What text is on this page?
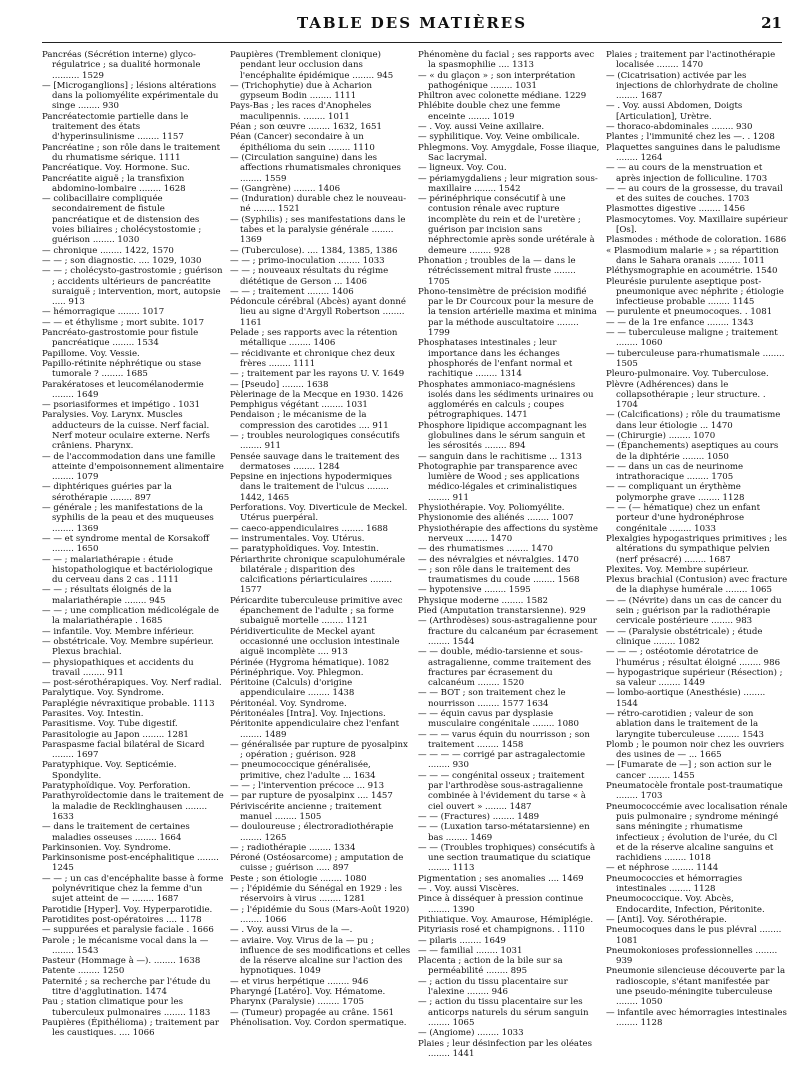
TABLE DES MATIÈRES	21

Pancréas (Sécrétion interne) glyco-régulatrice ; sa dualité hormonale .......... 1529

— [Microganglions] ; lésions altérations dans la poliomyélite expérimentale du singe ........ 930

Pancréatectomie partielle dans le traitement des états d'hyperinsulinisme ........ 1157

Pancréatine ; son rôle dans le traitement du rhumatisme sérique. 1111

Pancréatique. Voy. Hormone. Suc.

Pancréatite aiguë ; la transfixion abdomino-lombaire ........ 1628

— colibacillaire compliquée secondairement de fistule pancréatique et de distension des voies biliaires ; cholécystostomie ; guérison ........ 1030

— chronique ........ 1422, 1570

— — ; son diagnostic. .... 1029, 1030

— — ; cholécysto-gastrostomie ; guérison ; accidents ultérieurs de pancréatite suraiguë ; intervention, mort, autopsie ..... 913

— hémorragique ........ 1017

— — et éthylisme ; mort subite. 1017

Pancréato-gastrostomie pour fistule pancréatique ........ 1534

Papillome. Voy. Vessie.

Papillo-rétinite néphrétique ou stase tumorale ? ........ 1685

Parakératoses et leucomélanodermie ........ 1649

— psoriasiformes et impétigo . 1031

Paralysies. Voy. Larynx. Muscles adducteurs de la cuisse. Nerf facial. Nerf moteur oculaire externe. Nerfs crâniens. Pharynx.

— de l'accommodation dans une famille atteinte d'empoisonnement alimentaire ........ 1079

— diphtériques guéries par la sérothérapie ........ 897

— générale ; les manifestations de la syphilis de la peau et des muqueuses ........ 1369

— — et syndrome mental de Korsakoff ........ 1650

— — ; malariathérapie : étude histopathologique et bactériologique du cerveau dans 2 cas . 1111

— — ; résultats éloignés de la malariathérapie ........ 945

— — ; une complication médicolégale de la malariathérapie . 1685

— infantile. Voy. Membre inférieur.

— obstétricale. Voy. Membre supérieur. Plexus brachial.

— physiopathiques et accidents du travail ........ 911

— post-sérothérapiques. Voy. Nerf radial.

Paralytique. Voy. Syndrome.

Paraplégie névraxitique probable. 1113

Parasites. Voy. Intestin.

Parasitisme. Voy. Tube digestif.

Parasitologie au Japon ........ 1281

Paraspasme facial bilatéral de Sicard ........ 1697

Paratyphique. Voy. Septicémie. Spondylite.

Paratyphoïdique. Voy. Perforation.

Parathyroïdectomie dans le traitement de la maladie de Recklinghausen ........ 1633

— dans le traitement de certaines maladies osseuses ........ 1664

Parkinsonien. Voy. Syndrome.

Parkinsonisme post-encéphalitique ........ 1245

— — ; un cas d'encéphalite basse à forme polynévritique chez la femme d'un sujet atteint de — ........ 1687

Parotidie [Hyper]. Voy. Hyperparotidie.

Parotidites post-opératoires .... 1178

— suppurées et paralysie faciale . 1666

Parole ; le mécanisme vocal dans la — ........ 1543

Pasteur (Hommage à —). ........ 1638

Patente ........ 1250

Paternité ; sa recherche par l'étude du titre d'agglutination. 1474

Pau ; station climatique pour les tuberculeux pulmonaires ........ 1183

Paupières (Épithélioma) ; traitement par les caustiques. .... 1066

Paupières (Tremblement clonique) pendant leur occlusion dans l'encéphalite épidémique ........ 945

— (Trichophytie) due à Acharion gypseum Bodin ........ 1111

Pays-Bas ; les races d'Anopheles maculipennis. ........ 1011

Péan ; son œuvre ........ 1632, 1651

Péan (Cancer) secondaire à un épithélioma du sein ........ 1110

— (Circulation sanguine) dans les affections rhumatismales chroniques ........ 1559

— (Gangrène) ........ 1406

— (Induration) durable chez le nouveau-né ........ 1521

— (Syphilis) ; ses manifestations dans le tabes et la paralysie générale ........ 1369

— (Tuberculose). .... 1384, 1385, 1386

— — ; primo-inoculation ........ 1033

— — ; nouveaux résultats du régime diététique de Gerson ... 1406

— — ; traitement ........ 1406

Pédoncule cérébral (Abcès) ayant donné lieu au signe d'Argyll Robertson ........ 1161

Pelade ; ses rapports avec la rétention métallique ........ 1406

— récidivante et chronique chez deux frères ........ 1111

— ; traitement par les rayons U. V. 1649

— [Pseudo] ........ 1638

Pèlerinage de la Mecque en 1930. 1426

Pemphigus végétant ........ 1031

Pendaison ; le mécanisme de la compression des carotides .... 911

— ; troubles neurologiques consécutifs ........ 911

Pensée sauvage dans le traitement des dermatoses ........ 1284

Pepsine en injections hypodermiques dans le traitement de l'ulcus ........ 1442, 1465

Perforations. Voy. Diverticule de Meckel. Utérus puerpéral.

— caeco-appendiculaires ........ 1688

— instrumentales. Voy. Utérus.

— paratyphoïdiques. Voy. Intestin.

Périarthrite chronique scapulohumérale bilatérale ; disparition des calcifications périarticulaires ........ 1577

Péricardite tuberculeuse primitive avec épanchement de l'adulte ; sa forme subaiguë mortelle ........ 1121

Péridiverticulite de Meckel ayant occasionné une occlusion intestinale aiguë incomplète .... 913

Périnée (Hygroma hématique). 1082

Périnéphrique. Voy. Phlegmon.

Péritoine (Calculs) d'origine appendiculaire ........ 1438

Péritonéal. Voy. Syndrome.

Péritonéales [Intra]. Voy. Injections.

Péritonite appendiculaire chez l'enfant ........ 1489

— généralisée par rupture de pyosalpinx ; opération ; guérison. 928

— pneumococcique généralisée, primitive, chez l'adulte ... 1634

— — ; l'intervention précoce ... 913

— par rupture de pyosalpinx .... 1457

Périviscérite ancienne ; traitement manuel ........ 1505

— douloureuse ; électroradiothérapie ........ 1265

— ; radiothérapie ........ 1334

Péroné (Ostéosarcome) ; amputation de cuisse ; guérison ..... 897

Peste ; son étiologie ........ 1080

— ; l'épidémie du Sénégal en 1929 : les réservoirs à virus ........ 1281

— ; l'épidémie du Sous (Mars-Août 1920) ........ 1066

— . Voy. aussi Virus de la —.

— aviaire. Voy. Virus de la — pu ; influence de ses modifications et celles de la réserve alcaline sur l'action des hypnotiques. 1049

— et virus herpétique ........ 946

Pharyngé [Latéro]. Voy. Hématome.

Pharynx (Paralysie) ........ 1705

— (Tumeur) propagée au crâne. 1561

Phénolisation. Voy. Cordon spermatique.

Phénomène du facial ; ses rapports avec la spasmophilie .... 1313

— « du glaçon » ; son interprétation pathogénique ........ 1031

Philtron avec colonette médiane. 1229

Phlébite double chez une femme enceinte ........ 1019

— . Voy. aussi Veine axillaire.

— syphilitique. Voy. Veine ombilicale.

Phlegmons. Voy. Amygdale, Fosse iliaque, Sac lacrymal.

— ligneux. Voy. Cou.

— périamygdaliens ; leur migration sous-maxillaire ........ 1542

— périnéphrique consécutif à une contusion rénale avec rupture incomplète du rein et de l'uretère ; guérison par incision sans néphrectomie après sonde urétérale à demeure ........ 928

Phonation ; troubles de la — dans le rétrécissement mitral fruste ........ 1705

Phono-tensimètre de précision modifié par le Dr Courcoux pour la mesure de la tension artérielle maxima et minima par la méthode auscultatoire ........ 1799

Phosphatases intestinales ; leur importance dans les échanges phosphorés de l'enfant normal et rachitique ........ 1314

Phosphates ammoniaco-magnésiens isolés dans les sédiments urinaires ou agglomérés en calculs ; coupes pétrographiques. 1471

Phosphore lipidique accompagnant les globulines dans le sérum sanguin et les sérosités ........ 894

— sanguin dans le rachitisme ... 1313

Photographie par transparence avec lumière de Wood ; ses applications médico-légales et criminalistiques ........ 911

Physiothérapie. Voy. Poliomyélite.

Physionomie des aliénés ........ 1007

Physiothérapie des affections du système nerveux ........ 1470

— des rhumatismes ........ 1470

— des névralgies et névralgies. 1470

— ; son rôle dans le traitement des traumatismes du coude ........ 1568

— hypotensive ........ 1595

Physique moderne ........ 1582

Pied (Amputation transtarsienne). 929

— (Arthrodèses) sous-astragalienne pour fracture du calcanéum par écrasement ........ 1544

— — double, médio-tarsienne et sous-astragalienne, comme traitement des fractures par écrasement du calcanéum ........ 1520

— — BOT ; son traitement chez le nourrisson ........ 1577 1634

— — équin cavus par dysplasie musculaire congénitale ........ 1080

— — — varus équin du nourrisson ; son traitement ........ 1458

— — — — corrigé par astragalectomie ........ 930

— — — congénital osseux ; traitement par l'arthrodèse sous-astragalienne combinée à l'évidement du tarse « à ciel ouvert » ........ 1487

— — (Fractures) ........ 1489

— — (Luxation tarso-métatarsienne) en bas ........ 1469

— — (Troubles trophiques) consécutifs à une section traumatique du sciatique ........ 1113

Pigmentation ; ses anomalies .... 1469

— . Voy. aussi Viscères.

Pince à disséquer à pression continue ........ 1390

Pithiatique. Voy. Amaurose, Hémiplégie.

Pityriasis rosé et champignons. . 1110

— pilaris ........ 1649

— — familial ........ 1031

Placenta ; action de la bile sur sa perméabilité ........ 895

— ; action du tissu placentaire sur l'alexine ........ 946

— ; action du tissu placentaire sur les anticorps naturels du sérum sanguin ........ 1065

— (Angiome) ........ 1033

Plaies ; leur désinfection par les oléates ........ 1441

Plaies ; traitement par l'actinothérapie localisée ........ 1470

— (Cicatrisation) activée par les injections de chlorhydrate de choline ........ 1687

— . Voy. aussi Abdomen, Doigts [Articulation], Urètre.

— thoraco-abdominales ........ 930

Plantes ; l'immunité chez les —. . 1208

Plaquettes sanguines dans le paludisme ........ 1264

— — au cours de la menstruation et après injection de folliculine. 1703

— — au cours de la grossesse, du travail et des suites de couches. 1703

Plasmottes digestive ........ 1456

Plasmocytomes. Voy. Maxillaire supérieur [Os].

Plasmodes : méthode de coloration. 1686

« Plasmodium malarie » ; sa répartition dans le Sahara oranais ........ 1011

Pléthysmographie en acoumétrie. 1540

Pleurésie purulente aseptique post-pneumonique avec néphrite ; étiologie infectieuse probable ........ 1145

— purulente et pneumocoques. . 1081

— — de la 1re enfance ........ 1343

— — tuberculeuse maligne ; traitement ........ 1060

— tuberculeuse para-rhumatismale ........ 1505

Pleuro-pulmonaire. Voy. Tuberculose.

Plèvre (Adhérences) dans le collapsothérapie ; leur structure. . 1704

— (Calcifications) ; rôle du traumatisme dans leur étiologie ... 1470

— (Chirurgie) ........ 1070

— (Épanchements) aseptiques au cours de la diphtérie ........ 1050

— — dans un cas de neurinome intrathoracique ........ 1705

— — compliquant un érythème polymorphe grave ........ 1128

— — (— hématique) chez un enfant porteur d'une hydronéphrose congénitale ........ 1033

Plexalgies hypogastriques primitives ; les altérations du sympathique pelvien (nerf présacré) ........ 1687

Plexites. Voy. Membre supérieur.

Plexus brachial (Contusion) avec fracture de la diaphyse humérale ........ 1065

— — (Névrite) dans un cas de cancer du sein ; guérison par la radiothérapie cervicale postérieure ........ 983

— — (Paralysie obstétricale) ; étude clinique ........ 1082

— — — ; ostéotomie dérotatrice de l'humérus ; résultat éloigné ........ 986

— hypogastrique supérieur (Résection) ; sa valeur ........ 1449

— lombo-aortique (Anesthésie) ........ 1544

— rétro-carotidien ; valeur de son ablation dans le traitement de la laryngite tuberculeuse ........ 1543

Plomb ; le poumon noir chez les ouvriers des usines de — ... 1665

— [Fumarate de —] ; son action sur le cancer ........ 1455

Pneumatocèle frontale post-traumatique ........ 1703

Pneumococcémie avec localisation rénale puis pulmonaire ; syndrome méningé sans méningite ; rhumatisme infectieux ; évolution de l'urée, du Cl et de la réserve alcaline sanguins et rachidiens ........ 1018

— et néphrose ........ 1144

Pneumococcies et hémorragies intestinales ........ 1128

Pneumococcique. Voy. Abcès, Endocardite, Infection, Péritonite.

— [Anti]. Voy. Sérothérapie.

Pneumocoques dans le pus plévral ........ 1081

Pneumokonioses professionnelles ........ 939

Pneumonie silencieuse découverte par la radioscopie, s'étant manifestée par une pseudo-méningite tuberculeuse ........ 1050

— infantile avec hémorragies intestinales ........ 1128
